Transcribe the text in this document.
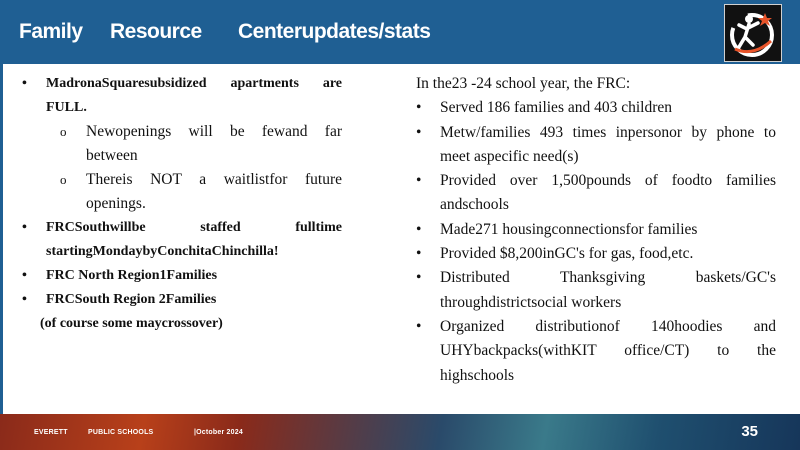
Family Resource Centerupdates/stats
• MadronaSquaresubsidized apartments are FULL.
o Newopenings will be fewand far between
o Thereis NOT a waitlistfor future openings.
• FRCSouthwillbe staffed fulltime startingMondaybyConchitaChinchilla!
• FRC North Region1Families
• FRCSouth Region 2Families
(of course some maycrossover)
In the23 -24 school year, the FRC:
• Served 186 families and 403 children
• Metw/families 493 times inpersonor by phone to meet aspecific need(s)
• Provided over 1,500pounds of foodto families andschools
• Made271 housingconnectionsfor families
• Provided $8,200inGC's for gas, food,etc.
• Distributed Thanksgiving baskets/GC's throughdistrictsocial workers
• Organized distributionof 140hoodies and UHYbackpacks(withKIT office/CT) to the highschools
EVERETT	PUBLIC SCHOOLS	|October 2024	35
